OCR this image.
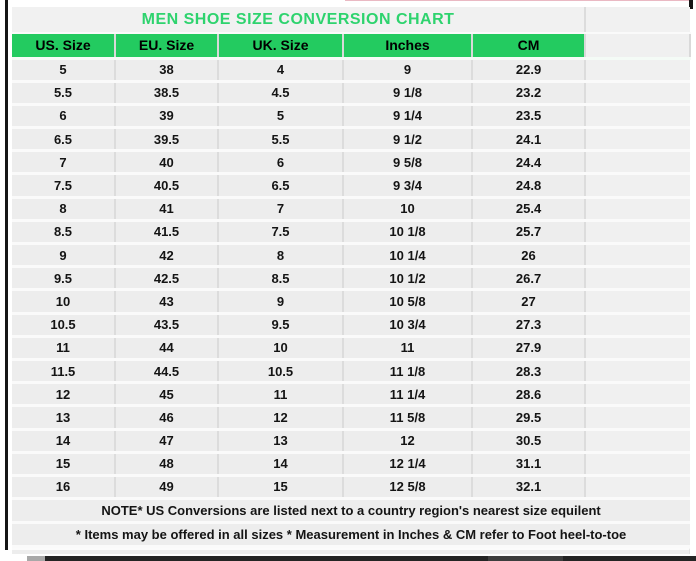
MEN SHOE SIZE CONVERSION CHART					
US. Size	EU. Size	UK. Size	Inches	CM	
5	38	4	9	22.9	
5.5	38.5	4.5	9 1/8	23.2	
6	39	5	9 1/4	23.5	
6.5	39.5	5.5	9 1/2	24.1	
7	40	6	9 5/8	24.4	
7.5	40.5	6.5	9 3/4	24.8	
8	41	7	10	25.4	
8.5	41.5	7.5	10 1/8	25.7	
9	42	8	10 1/4	26	
9.5	42.5	8.5	10 1/2	26.7	
10	43	9	10 5/8	27	
10.5	43.5	9.5	10 3/4	27.3	
11	44	10	11	27.9	
11.5	44.5	10.5	11 1/8	28.3	
12	45	11	11 1/4	28.6	
13	46	12	11 5/8	29.5	
14	47	13	12	30.5	
15	48	14	12 1/4	31.1	
16	49	15	12 5/8	32.1	
NOTE* US Conversions are listed next to a country region's nearest size equilent					
* Items may be offered in all sizes * Measurement in Inches & CM refer to Foot heel-to-toe					
